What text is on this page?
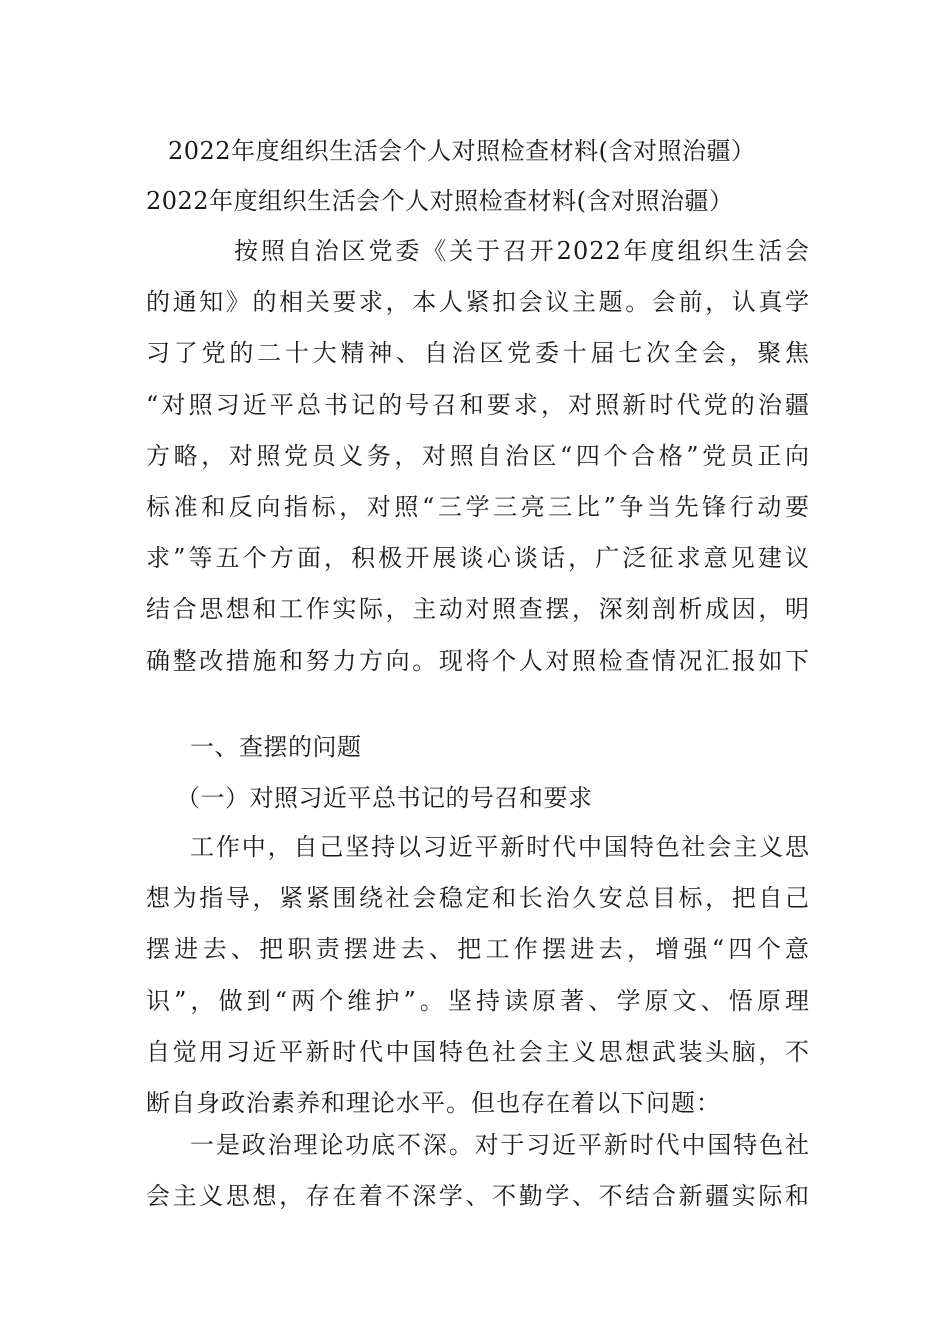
2022年度组织生活会个人对照检查材料(含对照治疆）
2022年度组织生活会个人对照检查材料(含对照治疆）
按照自治区党委《关于召开2022年度组织生活会
的通知》的相关要求，本人紧扣会议主题。会前，认真学
习了党的二十大精神、自治区党委十届七次全会，聚焦
“对照习近平总书记的号召和要求，对照新时代党的治疆
方略，对照党员义务，对照自治区“四个合格”党员正向
标准和反向指标，对照“三学三亮三比”争当先锋行动要
求”等五个方面，积极开展谈心谈话，广泛征求意见建议
结合思想和工作实际，主动对照查摆，深刻剖析成因，明
确整改措施和努力方向。现将个人对照检查情况汇报如下
一、查摆的问题
（一）对照习近平总书记的号召和要求
工作中，自己坚持以习近平新时代中国特色社会主义思
想为指导，紧紧围绕社会稳定和长治久安总目标，把自己
摆进去、把职责摆进去、把工作摆进去，增强“四个意
识”，做到“两个维护”。坚持读原著、学原文、悟原理
自觉用习近平新时代中国特色社会主义思想武装头脑，不
断自身政治素养和理论水平。但也存在着以下问题：
一是政治理论功底不深。对于习近平新时代中国特色社
会主义思想，存在着不深学、不勤学、不结合新疆实际和
